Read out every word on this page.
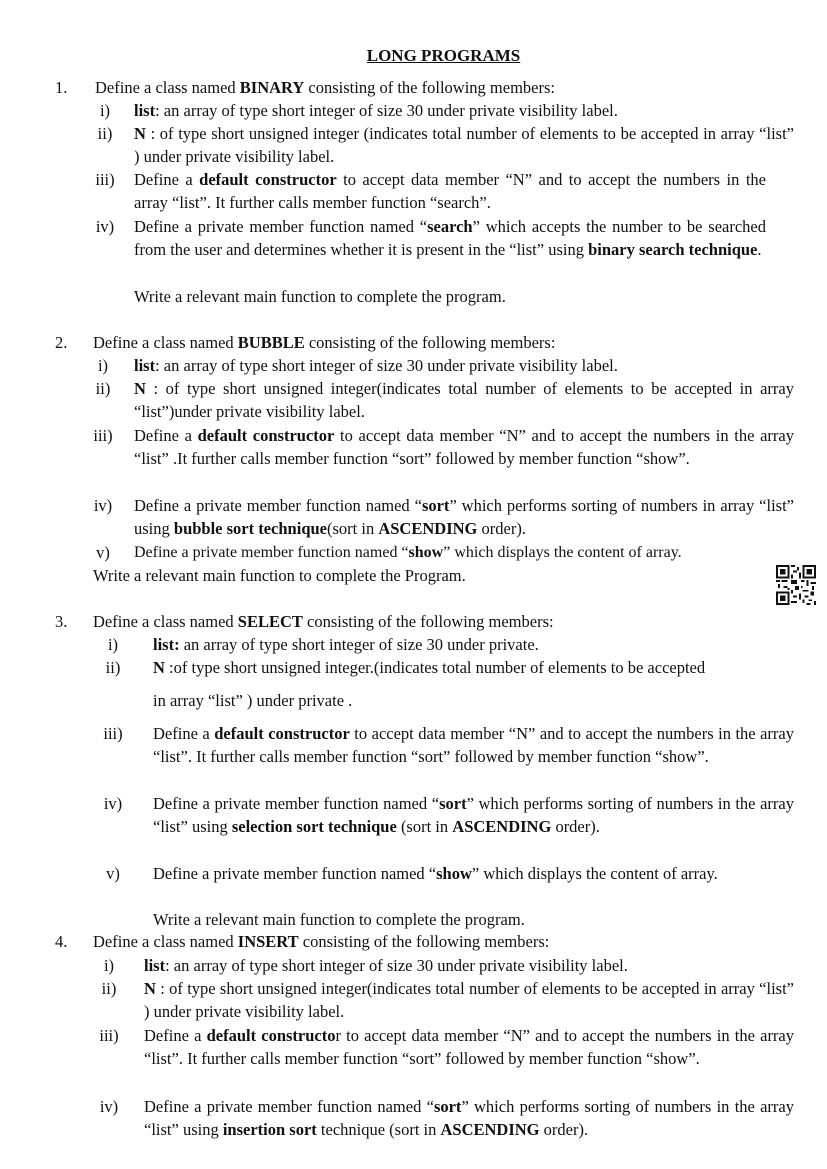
LONG PROGRAMS
1.	Define a class named BINARY consisting of the following members:
i)	list: an array of type short integer of size 30 under private visibility label.
ii)	N : of type short unsigned integer (indicates total number of elements to be accepted in array “list” ) under private visibility label.
iii)	Define a default constructor to accept data member “N” and to accept the numbers in the array “list”. It further calls member function “search”.
iv)	Define a private member function named “search” which accepts the number to be searched from the user and determines whether it is present in the “list” using binary search technique.
Write a relevant main function to complete the program.
2.	Define a class named BUBBLE consisting of the following members:
i)	list: an array of type short integer of size 30 under private visibility label.
ii)	N : of type short unsigned integer(indicates total number of elements to be accepted in array “list”)under private visibility label.
iii)	Define a default constructor to accept data member “N” and to accept the numbers in the array “list” .It further calls member function “sort” followed by member function “show”.
iv)	Define a private member function named “sort” which performs sorting of numbers in array “list” using bubble sort technique(sort in ASCENDING order).
v)	Define a private member function named “show” which displays the content of array.
Write a relevant main function to complete the Program.
3.	Define a class named SELECT consisting of the following members:
i)	list: an array of type short integer of size 30 under private.
ii)	N :of type short unsigned integer.(indicates total number of elements to be accepted
in array “list” ) under private .
iii)	Define a default constructor to accept data member “N” and to accept the numbers in the array “list”. It further calls member function “sort” followed by member function “show”.
iv)	Define a private member function named “sort” which performs sorting of numbers in the array “list” using selection sort technique (sort in ASCENDING order).
v)	Define a private member function named “show” which displays the content of array.
Write a relevant main function to complete the program.
4.	Define a class named INSERT consisting of the following members:
i)	list: an array of type short integer of size 30 under private visibility label.
ii)	N : of type short unsigned integer(indicates total number of elements to be accepted in array “list” ) under private visibility label.
iii)	Define a default constructor to accept data member “N” and to accept the numbers in the array “list”. It further calls member function “sort” followed by member function “show”.
iv)	Define a private member function named “sort” which performs sorting of numbers in the array “list” using insertion sort technique (sort in ASCENDING order).
